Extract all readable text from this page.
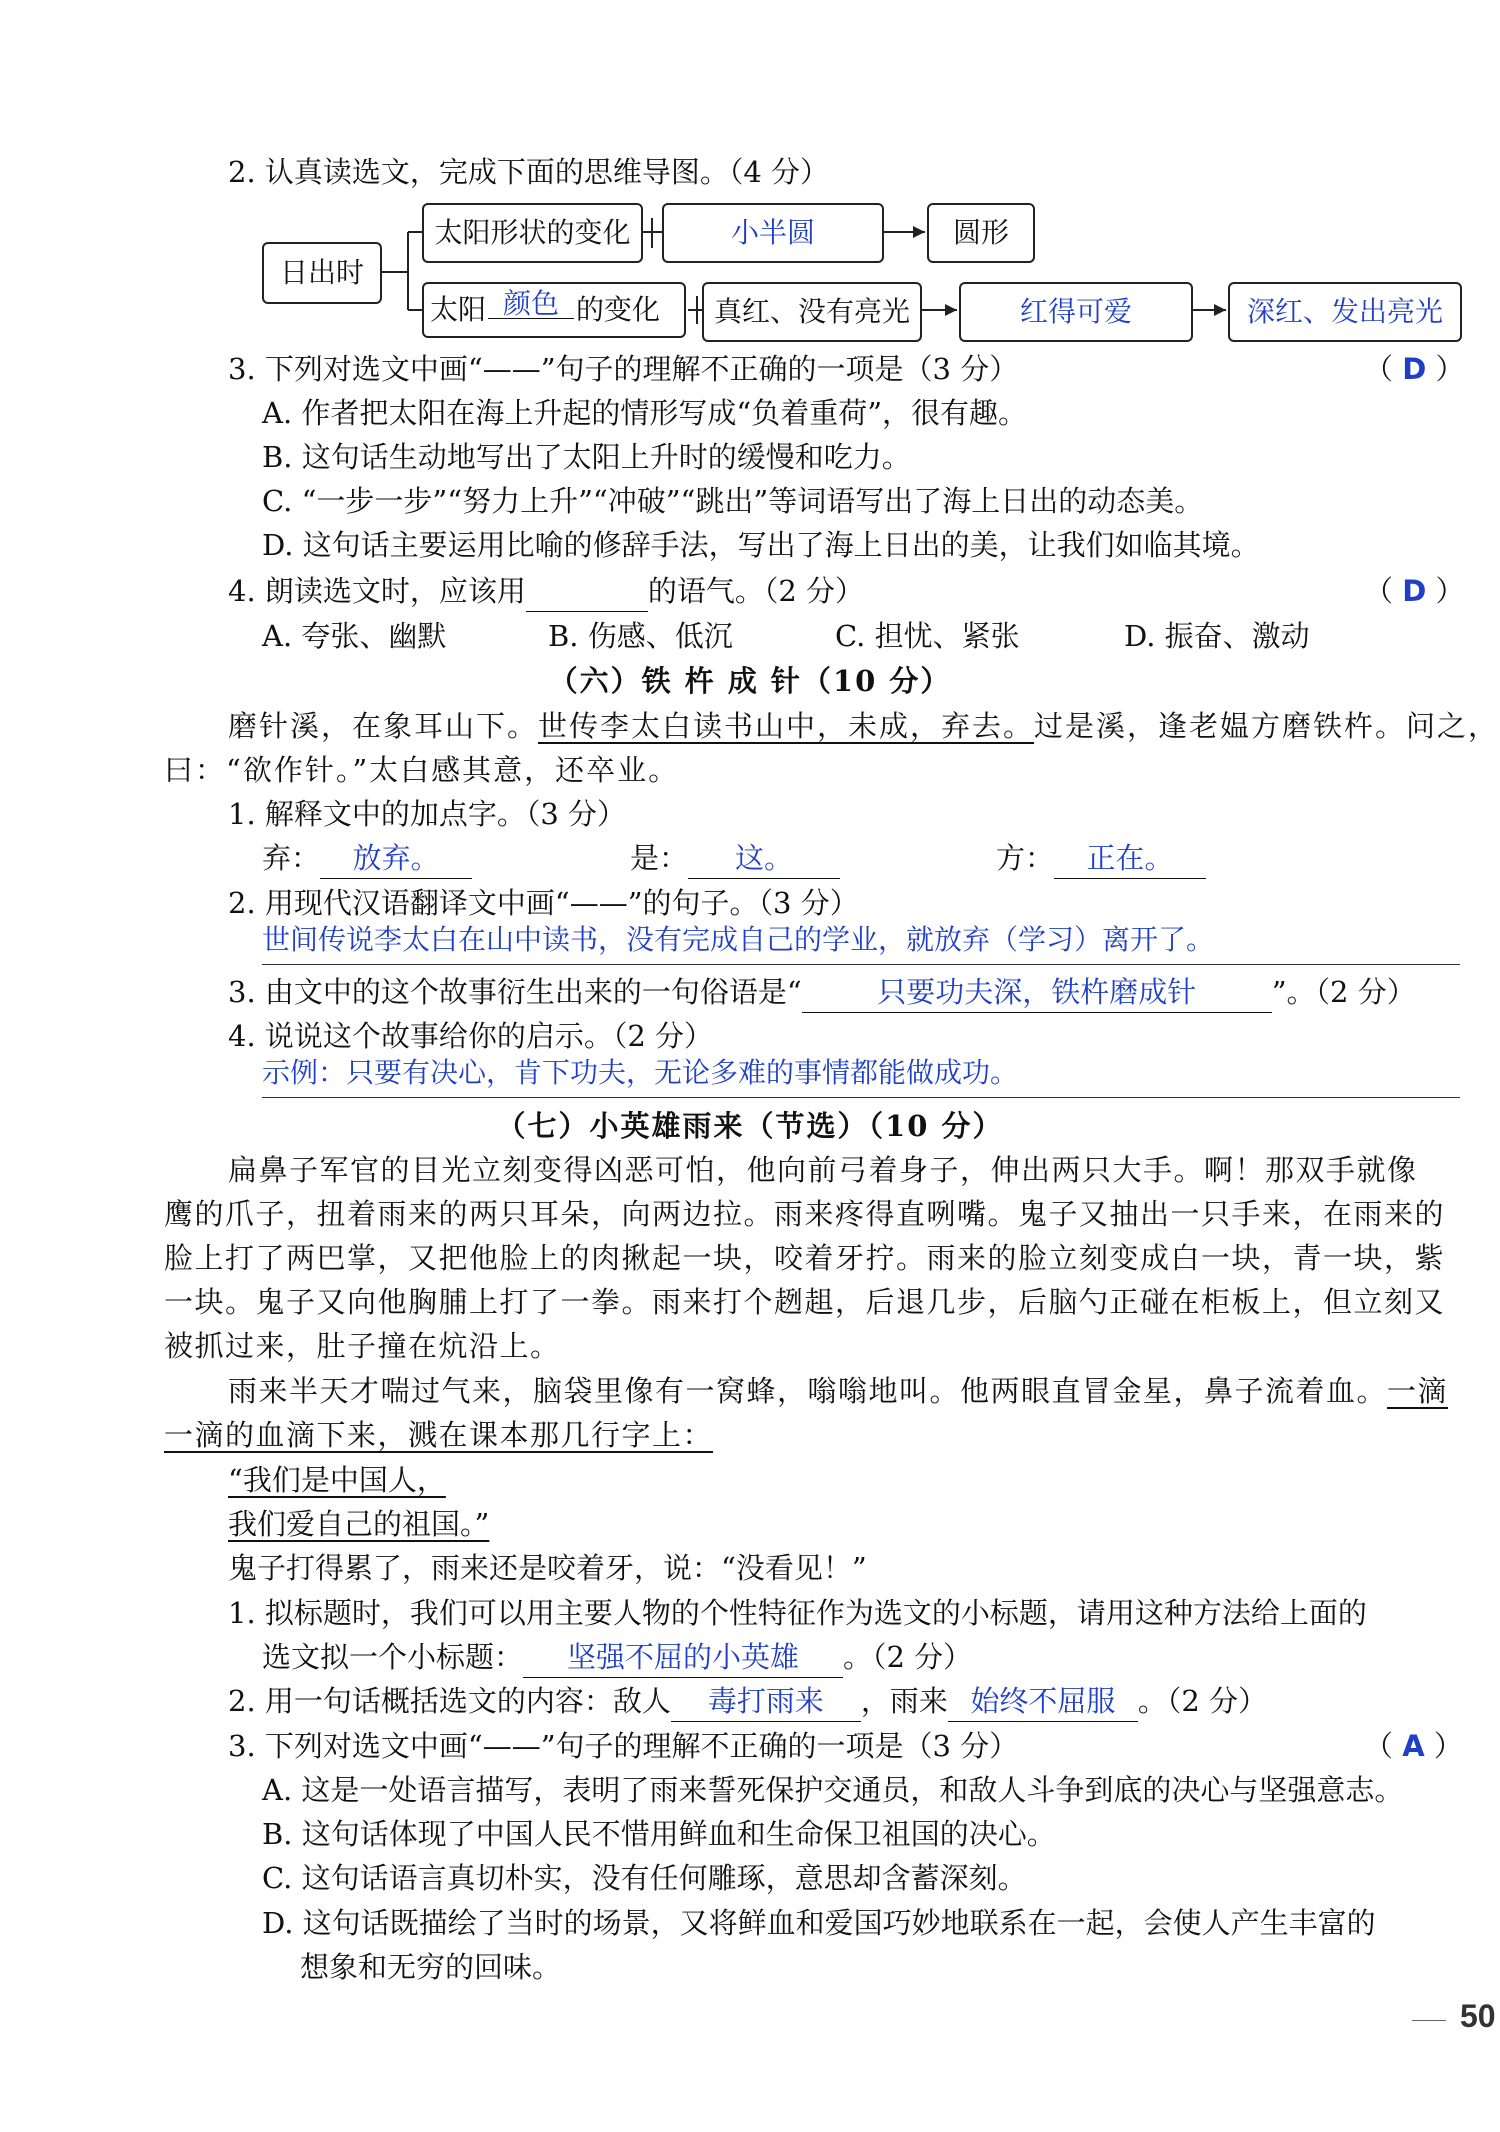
2. 认真读选文，完成下面的思维导图。（4 分）
日出时
太阳形状的变化	小半圆	圆形
太阳 颜色 的变化 真红、没有亮光	红得可爱	深红、发出亮光
3. 下列对选文中画“——”句子的理解不正确的一项是（3 分）	（ D ）
A. 作者把太阳在海上升起的情形写成“负着重荷”，很有趣。
B. 这句话生动地写出了太阳上升时的缓慢和吃力。
C. “一步一步”“努力上升”“冲破”“跳出”等词语写出了海上日出的动态美。
D. 这句话主要运用比喻的修辞手法，写出了海上日出的美，让我们如临其境。
4. 朗读选文时，应该用	的语气。（2 分）	（ D ）
A. 夸张、幽默	B. 伤感、低沉	C. 担忧、紧张	D. 振奋、激动
（六）铁 杵 成 针（10 分）
磨针溪，在象耳山下。世传李太白读书山中，未成，弃去。过是溪，逢老媪方磨铁杵。问之，
曰：“欲作针。”太白感其意，还卒业。
1. 解释文中的加点字。（3 分）
弃： 放弃。	是： 这。	方： 正在。
2. 用现代汉语翻译文中画“——”的句子。（3 分）
世间传说李太白在山中读书，没有完成自己的学业，就放弃（学习）离开了。
3. 由文中的这个故事衍生出来的一句俗语是“	只要功夫深，铁杵磨成针	”。（2 分）
4. 说说这个故事给你的启示。（2 分）
示例：只要有决心，肯下功夫，无论多难的事情都能做成功。
（七）小英雄雨来（节选）（10 分）
扁鼻子军官的目光立刻变得凶恶可怕，他向前弓着身子，伸出两只大手。啊！那双手就像
鹰的爪子，扭着雨来的两只耳朵，向两边拉。雨来疼得直咧嘴。鬼子又抽出一只手来，在雨来的
脸上打了两巴掌，又把他脸上的肉揪起一块，咬着牙拧。雨来的脸立刻变成白一块，青一块，紫
一块。鬼子又向他胸脯上打了一拳。雨来打个趔趄，后退几步，后脑勺正碰在柜板上，但立刻又
被抓过来，肚子撞在炕沿上。
雨来半天才喘过气来，脑袋里像有一窝蜂，嗡嗡地叫。他两眼直冒金星，鼻子流着血。一滴
一滴的血滴下来，溅在课本那几行字上：
“我们是中国人，
我们爱自己的祖国。”
鬼子打得累了，雨来还是咬着牙，说：“没看见！”
1. 拟标题时，我们可以用主要人物的个性特征作为选文的小标题，请用这种方法给上面的
选文拟一个小标题： 坚强不屈的小英雄 。（2 分）
2. 用一句话概括选文的内容：敌人 毒打雨来 ，雨来 始终不屈服 。（2 分）
3. 下列对选文中画“——”句子的理解不正确的一项是（3 分）	（ A ）
A. 这是一处语言描写，表明了雨来誓死保护交通员，和敌人斗争到底的决心与坚强意志。
B. 这句话体现了中国人民不惜用鲜血和生命保卫祖国的决心。
C. 这句话语言真切朴实，没有任何雕琢，意思却含蓄深刻。
D. 这句话既描绘了当时的场景，又将鲜血和爱国巧妙地联系在一起，会使人产生丰富的
想象和无穷的回味。
50
